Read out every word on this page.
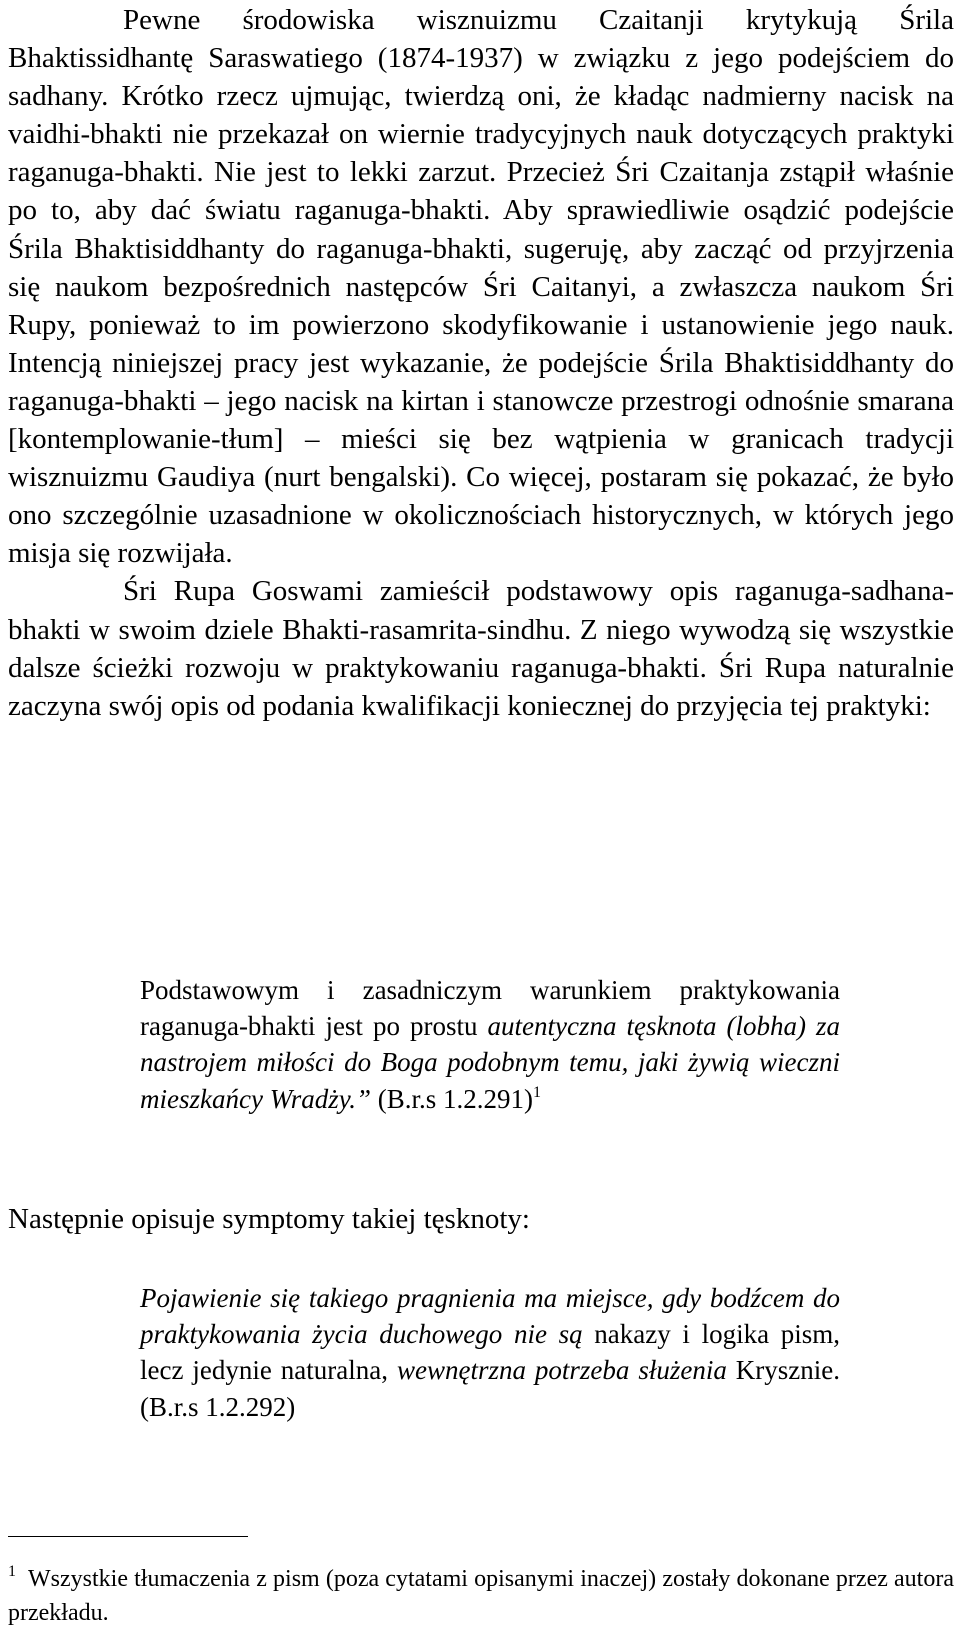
Pewne środowiska wisznuizmu Czaitanji krytykują Śrila Bhaktissidhantę Saraswatiego (1874-1937) w związku z jego podejściem do sadhany. Krótko rzecz ujmując, twierdzą oni, że kładąc nadmierny nacisk na vaidhi-bhakti nie przekazał on wiernie tradycyjnych nauk dotyczących praktyki raganuga-bhakti. Nie jest to lekki zarzut. Przecież Śri Czaitanja zstąpił właśnie po to, aby dać światu raganuga-bhakti. Aby sprawiedliwie osądzić podejście Śrila Bhaktisiddhanty do raganuga-bhakti, sugeruję, aby zacząć od przyjrzenia się naukom bezpośrednich następców Śri Caitanyi, a zwłaszcza naukom Śri Rupy, ponieważ to im powierzono skodyfikowanie i ustanowienie jego nauk. Intencją niniejszej pracy jest wykazanie, że podejście Śrila Bhaktisiddhanty do raganuga-bhakti – jego nacisk na kirtan i stanowcze przestrogi odnośnie smarana [kontemplowanie-tłum] – mieści się bez wątpienia w granicach tradycji wisznuizmu Gaudiya (nurt bengalski). Co więcej, postaram się pokazać, że było ono szczególnie uzasadnione w okolicznościach historycznych, w których jego misja się rozwijała.

Śri Rupa Goswami zamieścił podstawowy opis raganuga-sadhana-bhakti w swoim dziele Bhakti-rasamrita-sindhu. Z niego wywodzą się wszystkie dalsze ścieżki rozwoju w praktykowaniu raganuga-bhakti. Śri Rupa naturalnie zaczyna swój opis od podania kwalifikacji koniecznej do przyjęcia tej praktyki:

Podstawowym i zasadniczym warunkiem praktykowania raganuga-bhakti jest po prostu autentyczna tęsknota (lobha) za nastrojem miłości do Boga podobnym temu, jaki żywią wieczni mieszkańcy Wradży.” (B.r.s 1.2.291)$^1$
Następnie opisuje symptomy takiej tęsknoty:
Pojawienie się takiego pragnienia ma miejsce, gdy bodźcem do praktykowania życia duchowego nie są nakazy i logika pism, lecz jedynie naturalna, wewnętrzna potrzeba służenia Krysznie. (B.r.s 1.2.292)
$^1$ Wszystkie tłumaczenia z pism (poza cytatami opisanymi inaczej) zostały dokonane przez autora przekładu.
